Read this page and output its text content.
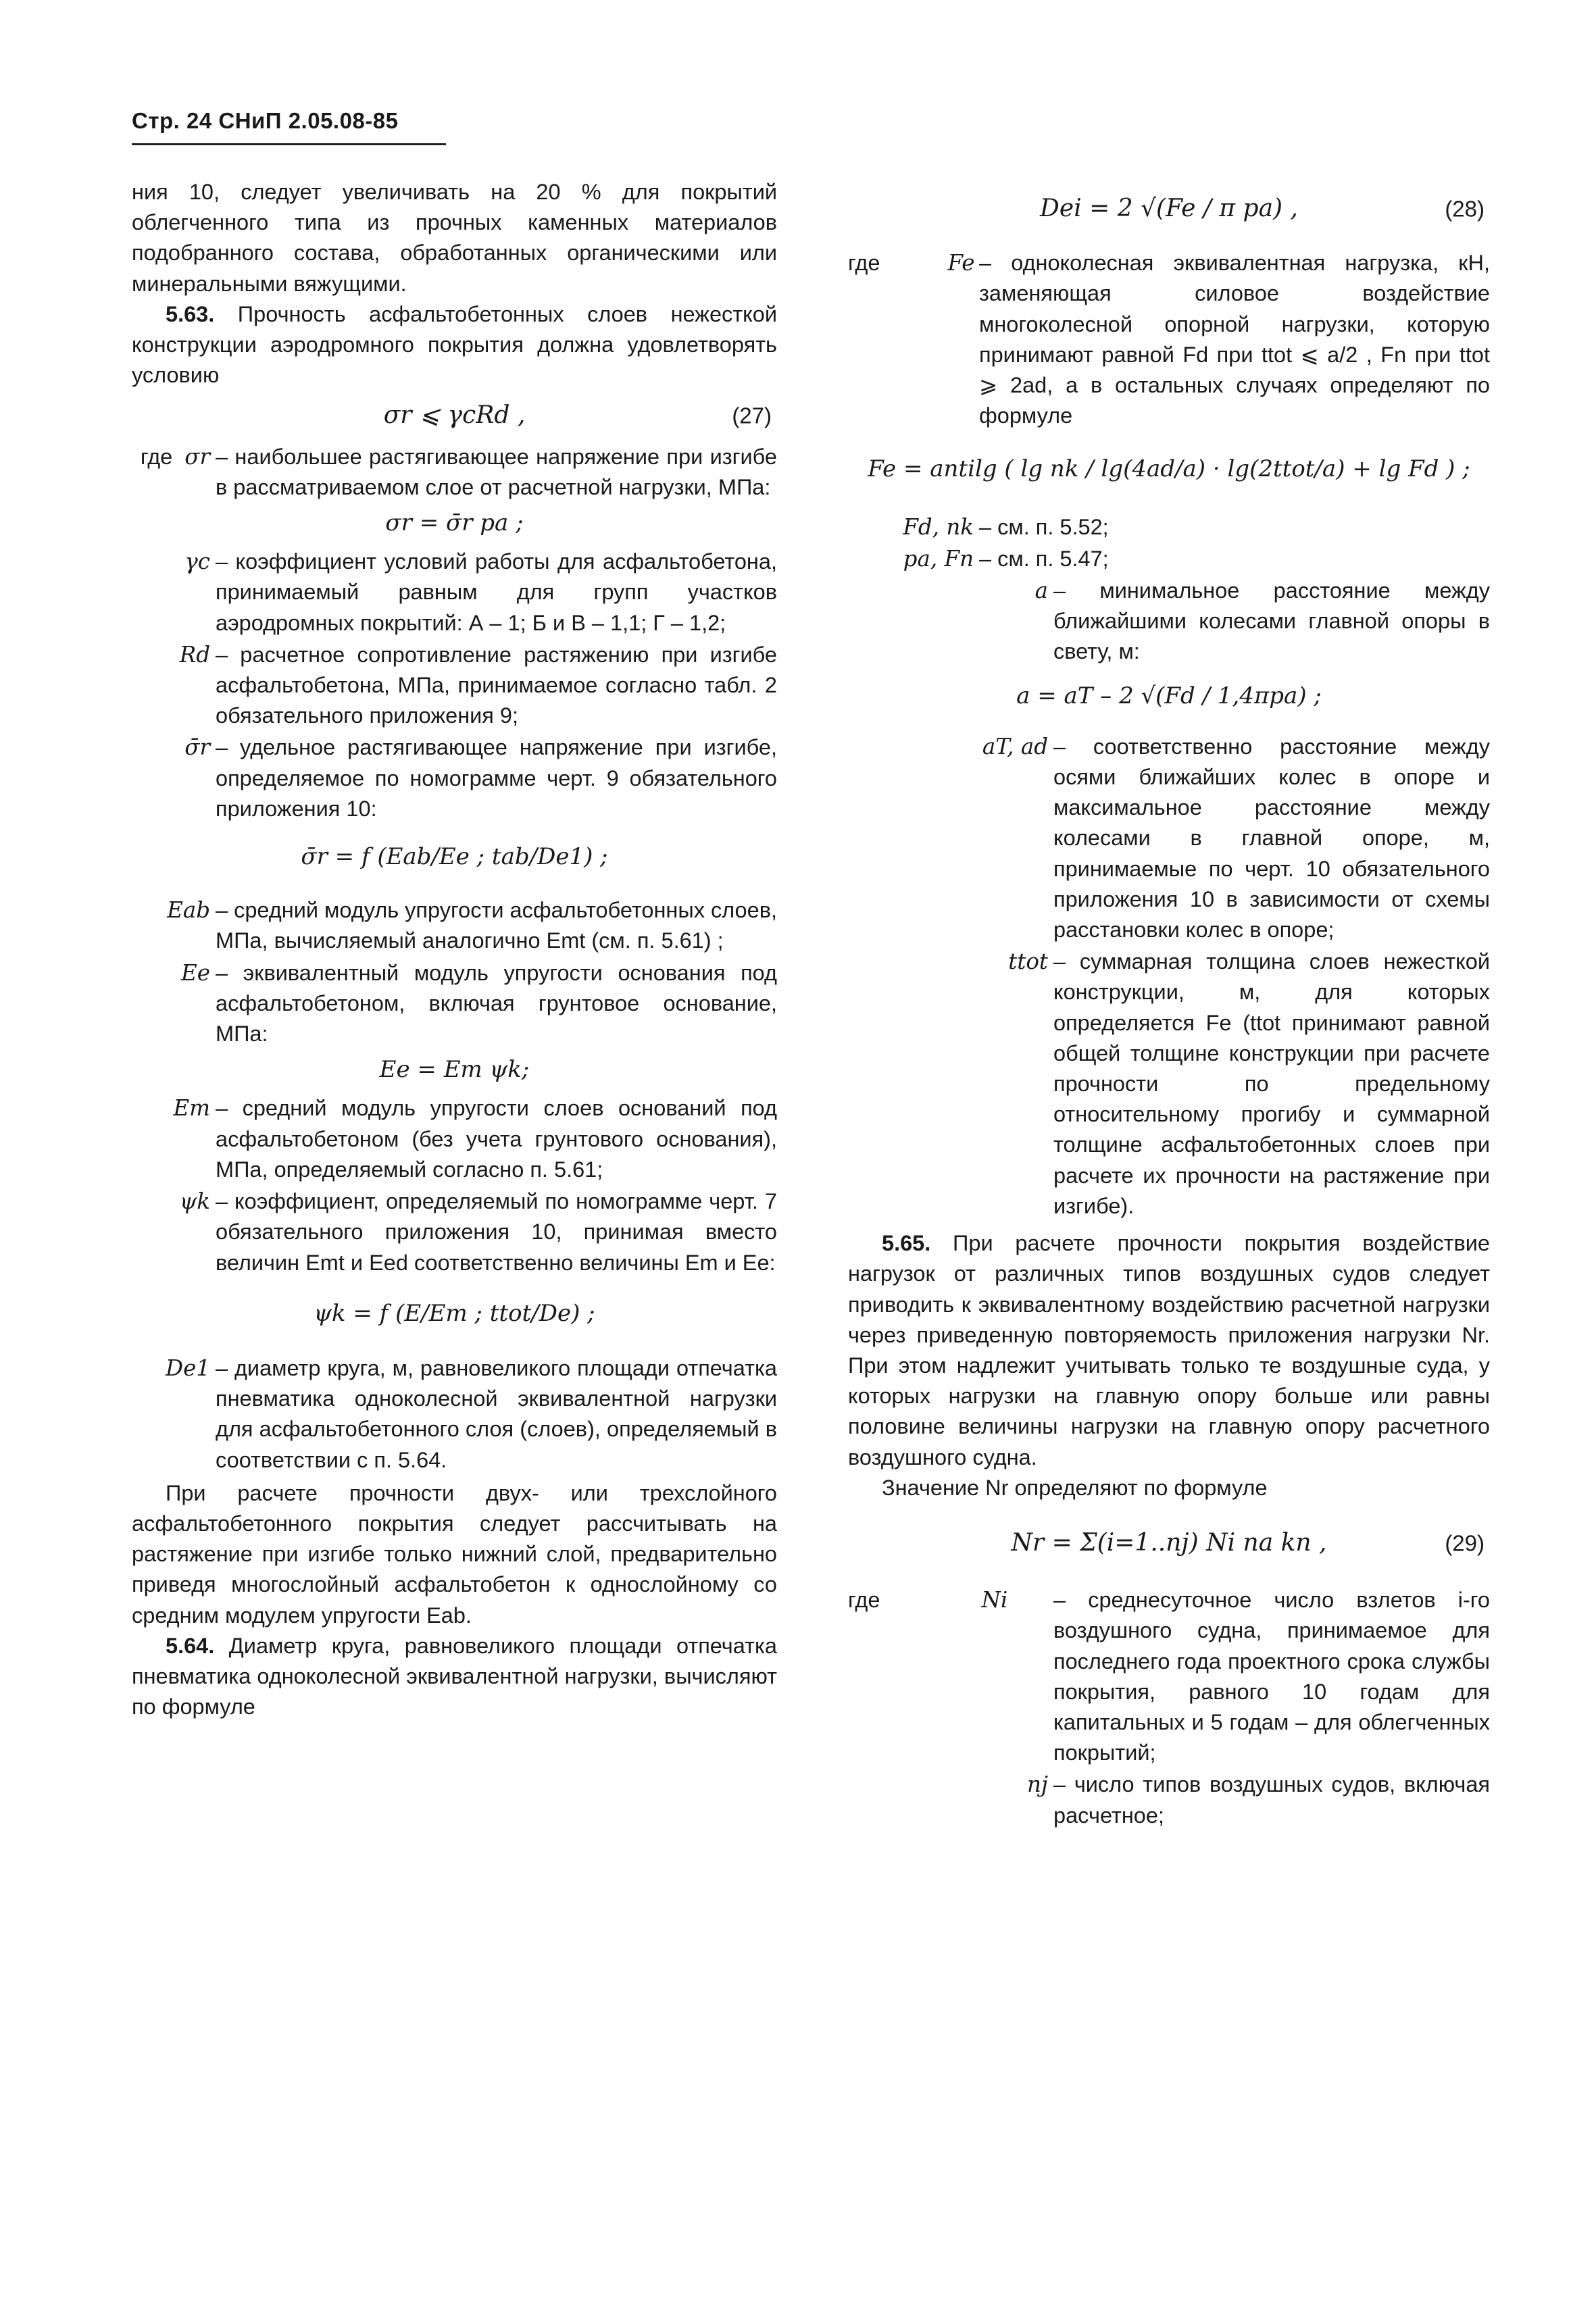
Стр. 24 СНиП 2.05.08-85

ния 10, следует увеличивать на 20 % для покрытий облегченного типа из прочных каменных материалов подобранного состава, обработанных органическими или минеральными вяжущими.

5.63. Прочность асфальтобетонных слоев нежесткой конструкции аэродромного покрытия должна удовлетворять условию

σr ⩽ γcRd ,	(27)
где σr – наибольшее растягивающее напряжение при изгибе в рассматриваемом слое от расчетной нагрузки, МПа:
σr = σ̄r pa ;
γc – коэффициент условий работы для асфальтобетона, принимаемый равным для групп участков аэродромных покрытий: А – 1; Б и В – 1,1; Г – 1,2;
Rd – расчетное сопротивление растяжению при изгибе асфальтобетона, МПа, принимаемое согласно табл. 2 обязательного приложения 9;
σ̄r – удельное растягивающее напряжение при изгибе, определяемое по номограмме черт. 9 обязательного приложения 10:
σ̄r = f (Eab/Ee ; tab/De1) ;
Eab – средний модуль упругости асфальтобетонных слоев, МПа, вычисляемый аналогично Emt (см. п. 5.61) ;
Ee – эквивалентный модуль упругости основания под асфальтобетоном, включая грунтовое основание, МПа:
Ee = Em ψk;
Em – средний модуль упругости слоев оснований под асфальтобетоном (без учета грунтового основания), МПа, определяемый согласно п. 5.61;
ψk – коэффициент, определяемый по номограмме черт. 7 обязательного приложения 10, принимая вместо величин Emt и Eed соответственно величины Em и Ee:
ψk = f (E/Em ; ttot/De) ;
De1 – диаметр круга, м, равновеликого площади отпечатка пневматика одноколесной эквивалентной нагрузки для асфальтобетонного слоя (слоев), определяемый в соответствии с п. 5.64.

При расчете прочности двух- или трехслойного асфальтобетонного покрытия следует рассчитывать на растяжение при изгибе только нижний слой, предварительно приведя многослойный асфальтобетон к однослойному со средним модулем упругости Eab.

5.64. Диаметр круга, равновеликого площади отпечатка пневматика одноколесной эквивалентной нагрузки, вычисляют по формуле

Dei = 2 √(Fe / π pa) ,	(28)
где	Fe – одноколесная эквивалентная нагрузка, кН, заменяющая силовое воздействие многоколесной опорной нагрузки, которую принимают равной Fd при ttot ⩽ a/2 , Fn при ttot ⩾ 2ad, а в остальных случаях определяют по формуле
Fe = antilg ( lg nk / lg(4ad/a) · lg(2ttot/a) + lg Fd ) ;
Fd, nk – см. п. 5.52;
pa, Fn – см. п. 5.47;
a – минимальное расстояние между ближайшими колесами главной опоры в свету, м:
a = aT – 2 √(Fd / 1,4πpa) ;
aT, ad – соответственно расстояние между осями ближайших колес в опоре и максимальное расстояние между колесами в главной опоре, м, принимаемые по черт. 10 обязательного приложения 10 в зависимости от схемы расстановки колес в опоре;
ttot – суммарная толщина слоев нежесткой конструкции, м, для которых определяется Fe (ttot принимают равной общей толщине конструкции при расчете прочности по предельному относительному прогибу и суммарной толщине асфальтобетонных слоев при расчете их прочности на растяжение при изгибе).

5.65. При расчете прочности покрытия воздействие нагрузок от различных типов воздушных судов следует приводить к эквивалентному воздействию расчетной нагрузки через приведенную повторяемость приложения нагрузки Nr. При этом надлежит учитывать только те воздушные суда, у которых нагрузки на главную опору больше или равны половине величины нагрузки на главную опору расчетного воздушного судна.

Значение Nr определяют по формуле

Nr = Σ(i=1..nj) Ni na kn ,	(29)
где	Ni	– среднесуточное число взлетов i-го воздушного судна, принимаемое для последнего года проектного срока службы покрытия, равного 10 годам для капитальных и 5 годам – для облегченных покрытий;
nj – число типов воздушных судов, включая расчетное;
